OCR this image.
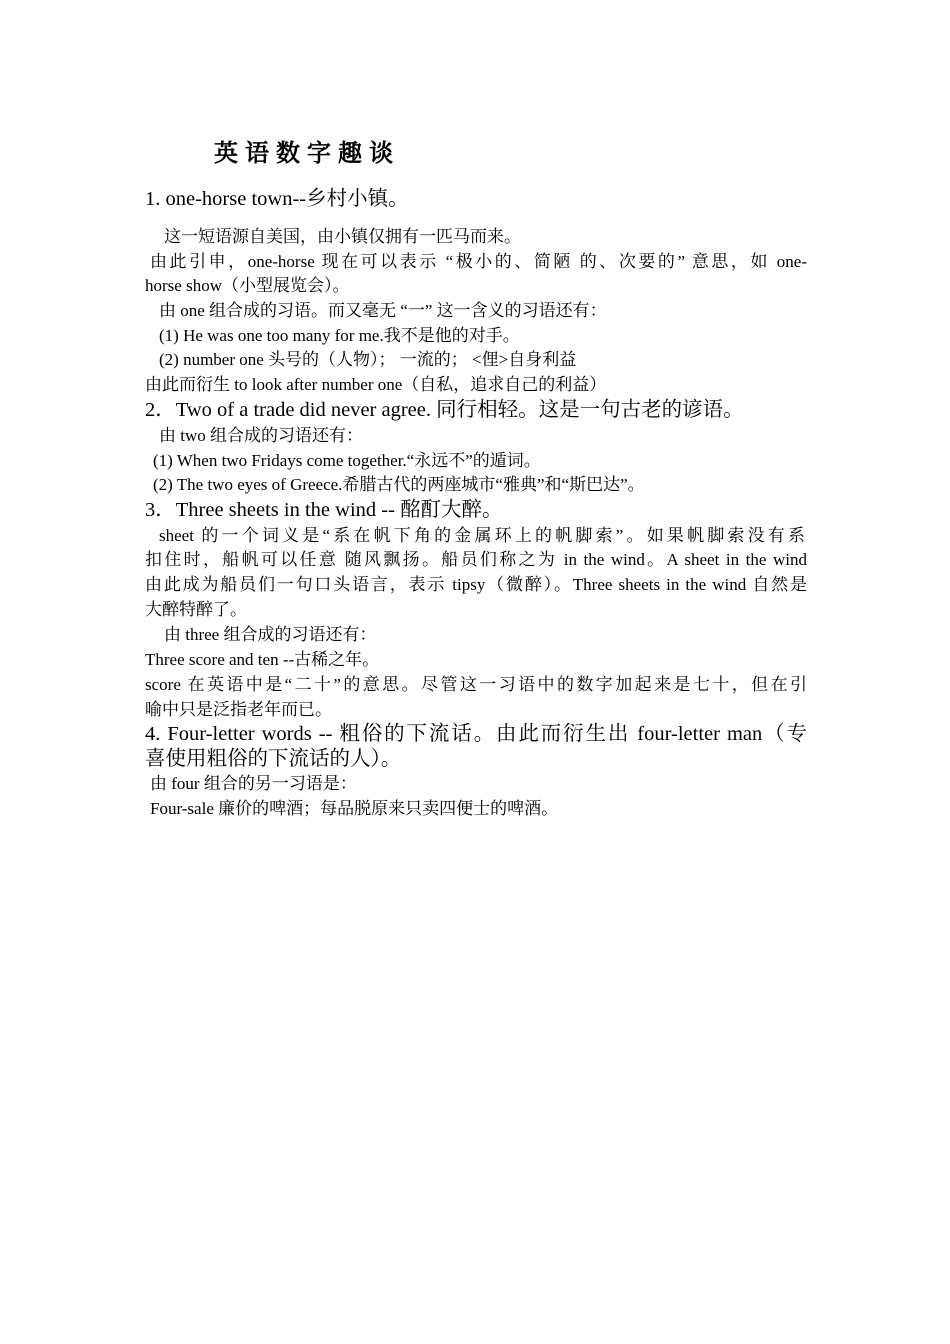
英语数字趣谈
1. one-horse town--乡村小镇。
这一短语源自美国，由小镇仅拥有一匹马而来。
由此引申，one-horse 现在可以表示 “极小的、简陋 的、次要的” 意思，如 one-
horse show（小型展览会）。
由 one 组合成的习语。而又毫无 “一” 这一含义的习语还有：
(1) He was one too many for me.我不是他的对手。
(2) number one 头号的（人物）； 一流的； <俚>自身利益
由此而衍生 to look after number one（自私，追求自己的利益）
2．Two of a trade did never agree. 同行相轻。这是一句古老的谚语。
由 two 组合成的习语还有：
(1) When two Fridays come together.“永远不”的遁词。
(2) The two eyes of Greece.希腊古代的两座城市“雅典”和“斯巴达”。
3．Three sheets in the wind -- 酩酊大醉。
sheet 的一个词义是“系在帆下角的金属环上的帆脚索”。如果帆脚索没有系
扣住时，船帆可以任意 随风飘扬。船员们称之为 in the wind。A sheet in the wind
由此成为船员们一句口头语言，表示 tipsy（微醉）。Three sheets in the wind 自然是
大醉特醉了。
由 three 组合成的习语还有：
Three score and ten --古稀之年。
score 在英语中是“二十”的意思。尽管这一习语中的数字加起来是七十，但在引
喻中只是泛指老年而已。
4. Four-letter words -- 粗俗的下流话。由此而衍生出 four-letter man（专
喜使用粗俗的下流话的人）。
由 four 组合的另一习语是：
Four-sale 廉价的啤酒；每品脱原来只卖四便士的啤酒。
